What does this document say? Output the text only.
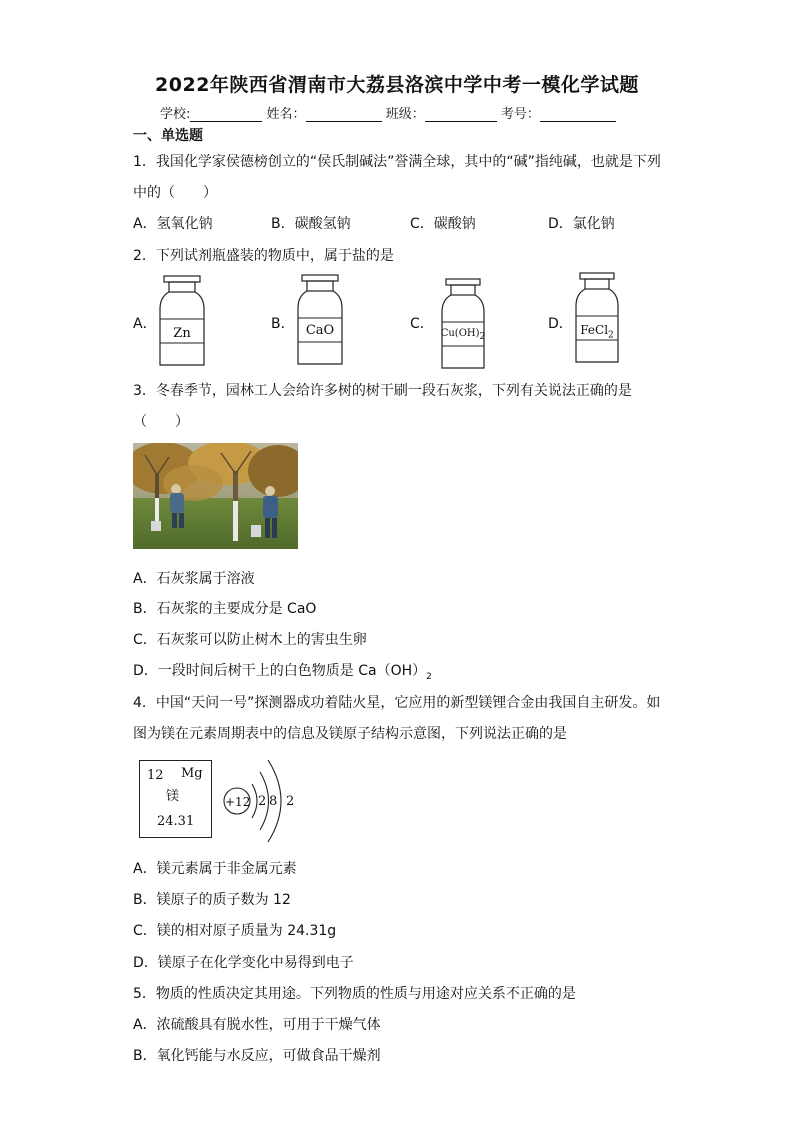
2022年陕西省渭南市大荔县洛滨中学中考一模化学试题
学校:	姓名：	班级：	考号：
一、单选题
1．我国化学家侯德榜创立的“侯氏制碱法”誉满全球，其中的“碱”指纯碱，也就是下列
中的（　　）
A．氢氧化钠	B．碳酸氢钠	C．碳酸钠	D．氯化钠
2．下列试剂瓶盛装的物质中，属于盐的是
A．
Zn
B． CaO	C．
$Cu(OH)_2$
D． FeCl$_2$
3．冬春季节，园林工人会给许多树的树干刷一段石灰浆，下列有关说法正确的是
（　　）
A．石灰浆属于溶液
B．石灰浆的主要成分是 CaO
C．石灰浆可以防止树木上的害虫生卵
D．一段时间后树干上的白色物质是 $Ca(OH)_2$
4．中国“天问一号”探测器成功着陆火星，它应用的新型镁锂合金由我国自主研发。如
图为镁在元素周期表中的信息及镁原子结构示意图，下列说法正确的是
12 Mg
镁
24.31
+12 2 8 2
A．镁元素属于非金属元素
B．镁原子的质子数为 12
C．镁的相对原子质量为 24.31g
D．镁原子在化学变化中易得到电子
5．物质的性质决定其用途。下列物质的性质与用途对应关系不正确的是
A．浓硫酸具有脱水性，可用于干燥气体
B．氧化钙能与水反应，可做食品干燥剂
